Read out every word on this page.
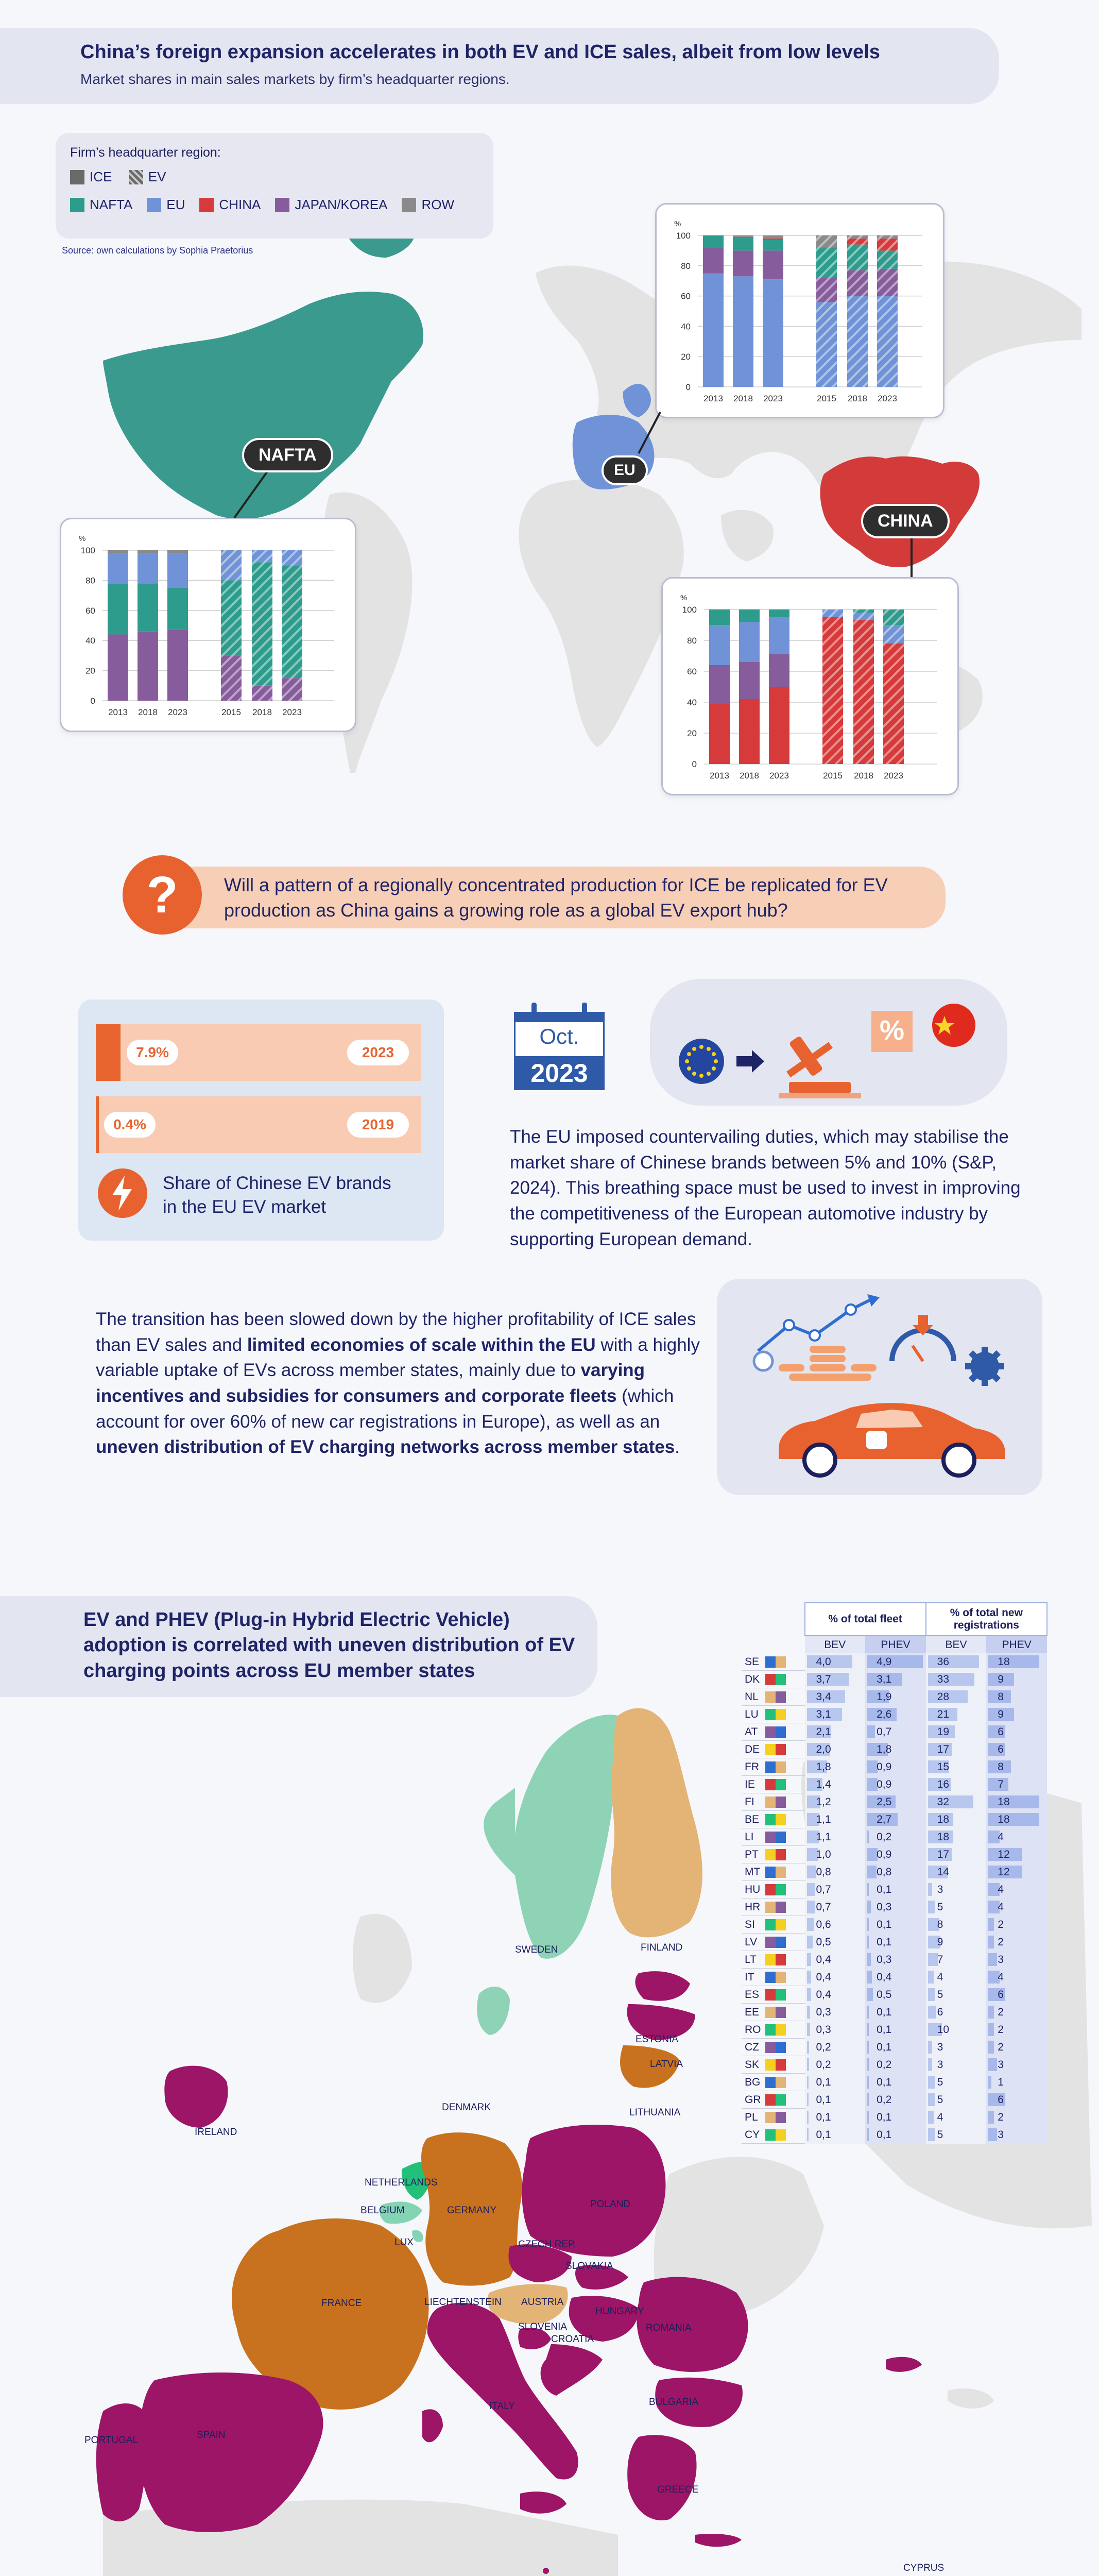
China’s foreign expansion accelerates in both EV and ICE sales, albeit from low levels
Market shares in main sales markets by firm’s headquarter regions.
Firm’s headquarter region:
ICE
	EV
NAFTA	EU	CHINA	JAPAN/KOREA	ROW
Source: own calculations by Sophia Praetorius
%
0
20
40
60
80
100
2013 2018 2023	2015 2018 2023
%
0
20
40
60
80
100
2013 2018 2023	2015 2018 2023
%
0
20
40
60
80
100
2013 2018 2023	2015 2018 2023
NAFTA
EU
CHINA
Will a pattern of a regionally concentrated production for ICE be replicated for EV production as China gains a growing role as a global EV export hub?
?
7.9%	2023
0.4%	2019
Share of Chinese EV brands in the EU EV market
Oct.
2023
%
The EU imposed countervailing duties, which may stabilise the market share of Chinese brands between 5% and 10% (S&P, 2024). This breathing space must be used to invest in improving the competitiveness of the European automotive industry by supporting European demand.
The transition has been slowed down by the higher profitability of ICE sales than EV sales and limited economies of scale within the EU with a highly variable uptake of EVs across member states, mainly due to varying incentives and subsidies for consumers and corporate fleets (which account for over 60% of new car registrations in Europe), as well as an uneven distribution of EV charging networks across member states.
EV and PHEV (Plug-in Hybrid Electric Vehicle) adoption is correlated with uneven distribution of EV charging points across EU member states
SWEDEN	FINLAND
ESTONIA
LATVIA
LITHUANIA
DENMARK
IRELAND
NETHERLANDS
BELGIUM
LUX
GERMANY
POLAND
CZECH REP.
SLOVAKIA
FRANCE	LIECHTENSTEIN AUSTRIA
HUNGARY
SLOVENIA
CROATIA
ROMANIA
BULGARIA
ITALY
SPAIN
PORTUGAL
GREECE
CYPRUS
	% of total fleet		% of total new registrations	
	BEV	PHEV	BEV	PHEV
SE	4,0	4,9	36	18
DK	3,7	3,1	33	9
NL	3,4	1,9	28	8
LU	3,1	2,6	21	9
AT	2,1	0,7	19	6
DE	2,0	1,8	17	6
FR	1,8	0,9	15	8
IE	1,4	0,9	16	7
FI	1,2	2,5	32	18
BE	1,1	2,7	18	18
LI	1,1	0,2	18	4
PT	1,0	0,9	17	12
MT	0,8	0,8	14	12
HU	0,7	0,1	3	4
HR	0,7	0,3	5	4
SI	0,6	0,1	8	2
LV	0,5	0,1	9	2
LT	0,4	0,3	7	3
IT	0,4	0,4	4	4
ES	0,4	0,5	5	6
EE	0,3	0,1	6	2
RO	0,3	0,1	10	2
CZ	0,2	0,1	3	2
SK	0,2	0,2	3	3
BG	0,1	0,1	5	1
GR	0,1	0,2	5	6
PL	0,1	0,1	4	2
CY	0,1	0,1	5	3
